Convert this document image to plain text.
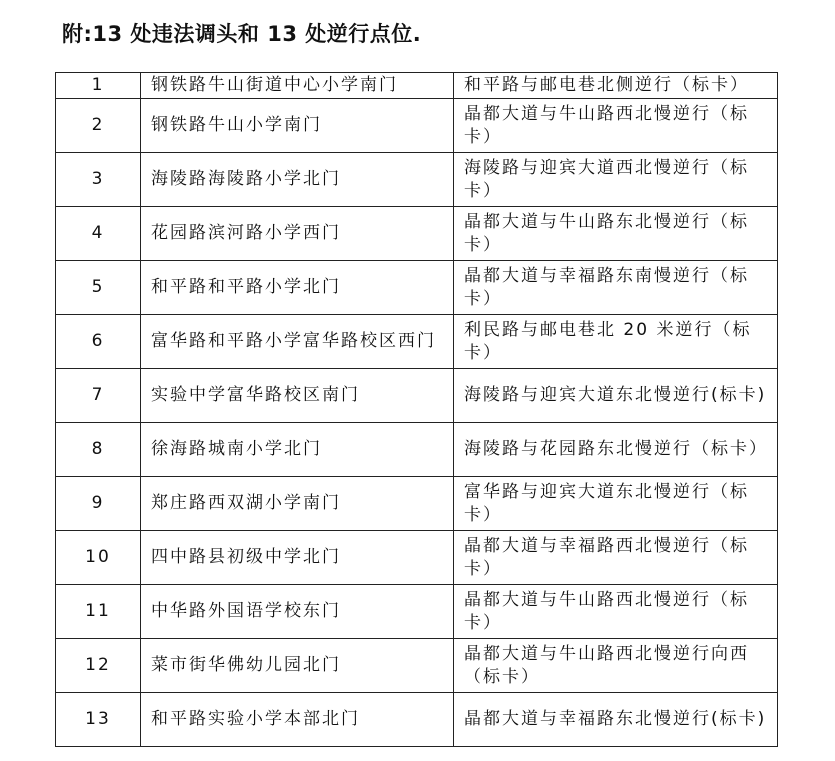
附:13 处违法调头和 13 处逆行点位.
1	钢铁路牛山街道中心小学南门	和平路与邮电巷北侧逆行（标卡）
2	钢铁路牛山小学南门	晶都大道与牛山路西北慢逆行（标卡）
3	海陵路海陵路小学北门	海陵路与迎宾大道西北慢逆行（标卡）
4	花园路滨河路小学西门	晶都大道与牛山路东北慢逆行（标卡）
5	和平路和平路小学北门	晶都大道与幸福路东南慢逆行（标卡）
6	富华路和平路小学富华路校区西门	利民路与邮电巷北 20 米逆行（标卡）
7	实验中学富华路校区南门	海陵路与迎宾大道东北慢逆行(标卡)
8	徐海路城南小学北门	海陵路与花园路东北慢逆行（标卡）
9	郑庄路西双湖小学南门	富华路与迎宾大道东北慢逆行（标卡）
10	四中路县初级中学北门	晶都大道与幸福路西北慢逆行（标卡）
11	中华路外国语学校东门	晶都大道与牛山路西北慢逆行（标卡）
12	菜市街华佛幼儿园北门	晶都大道与牛山路西北慢逆行向西（标卡）
13	和平路实验小学本部北门	晶都大道与幸福路东北慢逆行(标卡)
